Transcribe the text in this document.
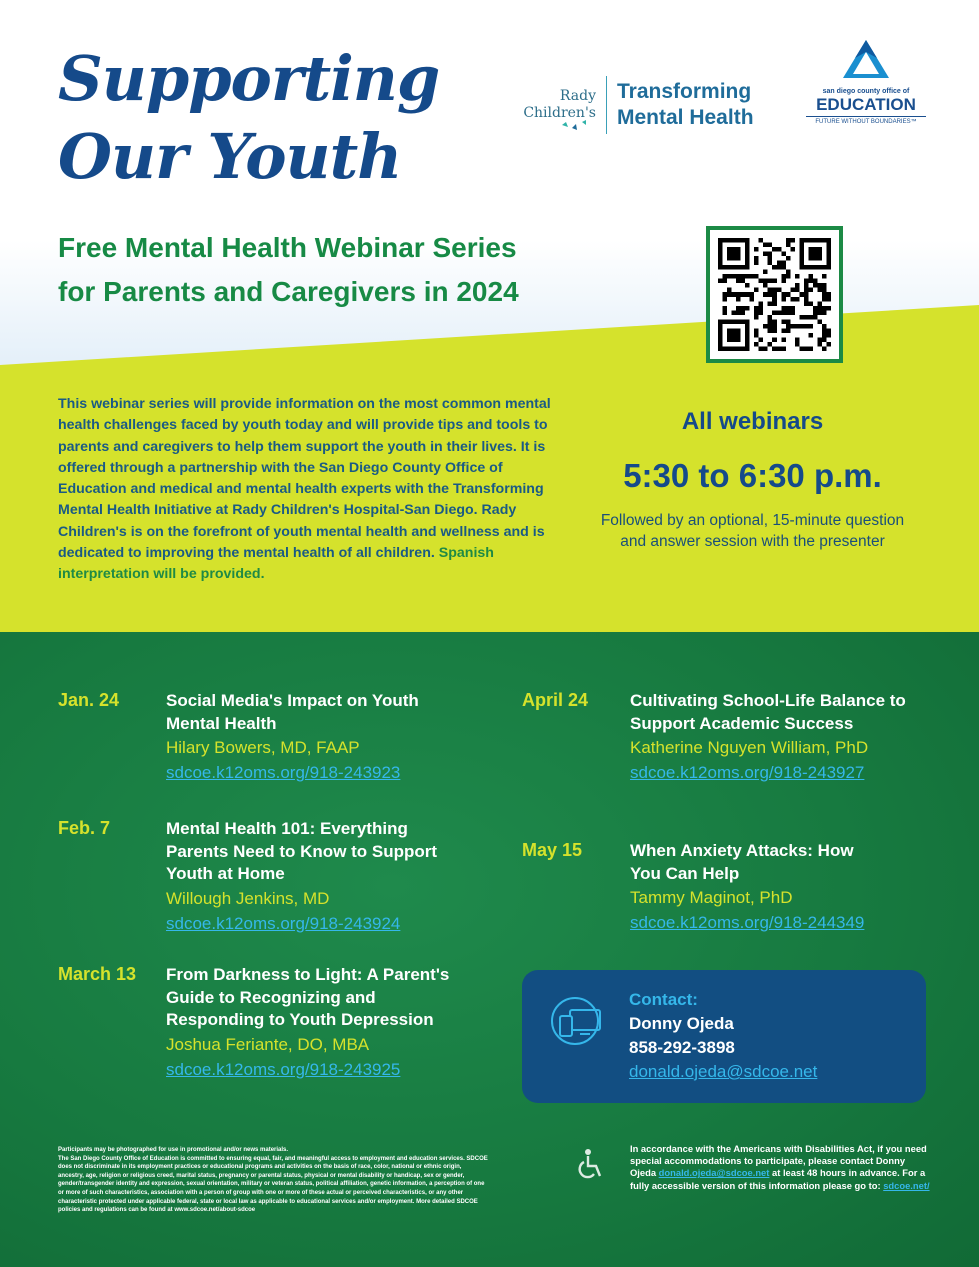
Supporting
Our Youth
Rady
Children's
Transforming
Mental Health
san diego county office of
EDUCATION
FUTURE WITHOUT BOUNDARIES™
Free Mental Health Webinar Series
for Parents and Caregivers in 2024
This webinar series will provide information on the most common mental health challenges faced by youth today and will provide tips and tools to parents and caregivers to help them support the youth in their lives. It is offered through a partnership with the San Diego County Office of Education and medical and mental health experts with the Transforming Mental Health Initiative at Rady Children's Hospital-San Diego. Rady Children's is on the forefront of youth mental health and wellness and is dedicated to improving the mental health of all children. Spanish interpretation will be provided.
All webinars
5:30 to 6:30 p.m.
Followed by an optional, 15-minute question and answer session with the presenter
Jan. 24	Social Media's Impact on Youth Mental Health
Hilary Bowers, MD, FAAP
sdcoe.k12oms.org/918-243923
Feb. 7	Mental Health 101: Everything Parents Need to Know to Support Youth at Home
Willough Jenkins, MD
sdcoe.k12oms.org/918-243924
March 13 From Darkness to Light: A Parent's Guide to Recognizing and Responding to Youth Depression
Joshua Feriante, DO, MBA
sdcoe.k12oms.org/918-243925
April 24 Cultivating School-Life Balance to Support Academic Success
Katherine Nguyen William, PhD
sdcoe.k12oms.org/918-243927
May 15	When Anxiety Attacks: How You Can Help
Tammy Maginot, PhD
sdcoe.k12oms.org/918-244349
Contact:
Donny Ojeda
858-292-3898
donald.ojeda@sdcoe.net
Participants may be photographed for use in promotional and/or news materials.
The San Diego County Office of Education is committed to ensuring equal, fair, and meaningful access to employment and education services. SDCOE does not discriminate in its employment practices or educational programs and activities on the basis of race, color, national or ethnic origin, ancestry, age, religion or religious creed, marital status, pregnancy or parental status, physical or mental disability or handicap, sex or gender, gender/transgender identity and expression, sexual orientation, military or veteran status, political affiliation, genetic information, a perception of one or more of such characteristics, association with a person of group with one or more of these actual or perceived characteristics, or any other characteristic protected under applicable federal, state or local law as applicable to educational services and/or employment. More detailed SDCOE policies and regulations can be found at www.sdcoe.net/about-sdcoe
In accordance with the Americans with Disabilities Act, if you need special accommodations to participate, please contact Donny Ojeda donald.ojeda@sdcoe.net at least 48 hours in advance. For a fully accessible version of this information please go to: sdcoe.net/
